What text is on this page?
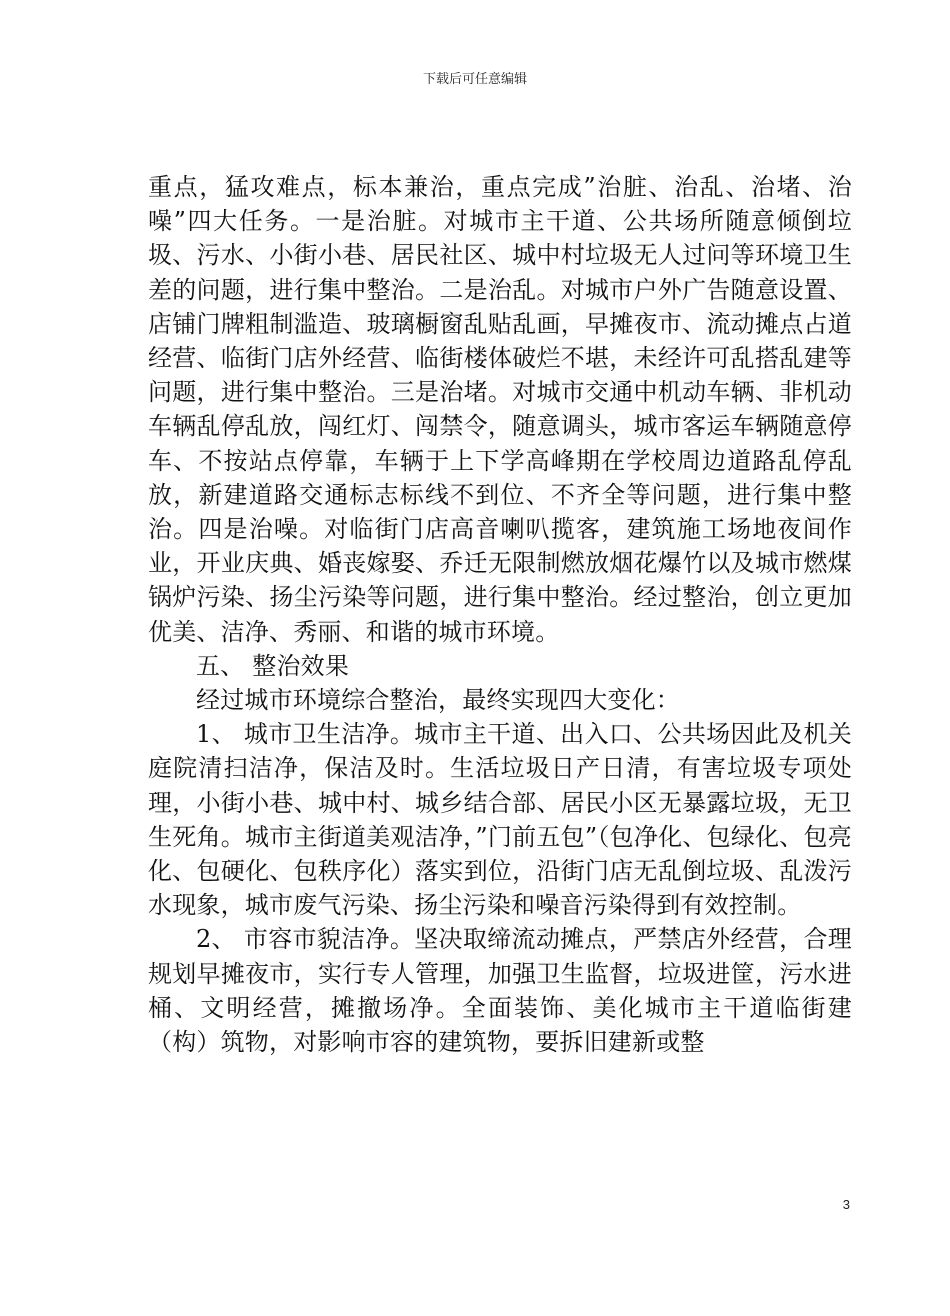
下载后可任意编辑

重点，猛攻难点，标本兼治，重点完成”治脏、治乱、治堵、治噪”四大任务。一是治脏。对城市主干道、公共场所随意倾倒垃圾、污水、小街小巷、居民社区、城中村垃圾无人过问等环境卫生差的问题，进行集中整治。二是治乱。对城市户外广告随意设置、店铺门牌粗制滥造、玻璃橱窗乱贴乱画，早摊夜市、流动摊点占道经营、临街门店外经营、临街楼体破烂不堪，未经许可乱搭乱建等问题，进行集中整治。三是治堵。对城市交通中机动车辆、非机动车辆乱停乱放，闯红灯、闯禁令，随意调头，城市客运车辆随意停车、不按站点停靠，车辆于上下学高峰期在学校周边道路乱停乱放，新建道路交通标志标线不到位、不齐全等问题，进行集中整治。四是治噪。对临街门店高音喇叭揽客，建筑施工场地夜间作业，开业庆典、婚丧嫁娶、乔迁无限制燃放烟花爆竹以及城市燃煤锅炉污染、扬尘污染等问题，进行集中整治。经过整治，创立更加优美、洁净、秀丽、和谐的城市环境。

五、 整治效果

经过城市环境综合整治，最终实现四大变化：

1、 城市卫生洁净。城市主干道、出入口、公共场因此及机关庭院清扫洁净，保洁及时。生活垃圾日产日清，有害垃圾专项处理，小街小巷、城中村、城乡结合部、居民小区无暴露垃圾，无卫生死角。城市主街道美观洁净，”门前五包”（包净化、包绿化、包亮化、包硬化、包秩序化）落实到位，沿街门店无乱倒垃圾、乱泼污水现象，城市废气污染、扬尘污染和噪音污染得到有效控制。

2、 市容市貌洁净。坚决取缔流动摊点，严禁店外经营，合理规划早摊夜市，实行专人管理，加强卫生监督，垃圾进筐，污水进桶、文明经营，摊撤场净。全面装饰、美化城市主干道临街建（构）筑物，对影响市容的建筑物，要拆旧建新或整

3
